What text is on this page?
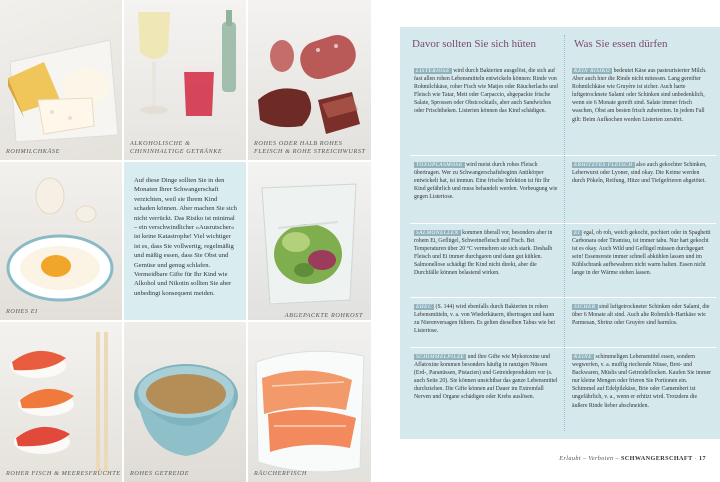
ROHMILCHKÄSE
ALKOHOLISCHE & CHININHALTIGE GETRÄNKE
ROHES ODER HALB ROHES FLEISCH & ROHE STREICHWURST
ROHES EI
Auf diese Dinge sollten Sie in den Monaten Ihrer Schwangerschaft verzichten, weil sie Ihrem Kind schaden können. Aber machen Sie sich nicht verrückt. Das Risiko ist minimal – ein verschwindlicher »Ausrutscher« ist keine Katastrophe! Viel wichtiger ist es, dass Sie vollwertig, regelmäßig und mäßig essen, dass Sie Obst und Gemüse und genug schlafen. Vermeidbare Gifte für Ihr Kind wie Alkohol und Nikotin sollten Sie aber unbedingt konsequent meiden.
ABGEPACKTE ROHKOST
ROHER FISCH & MEERESFRÜCHTE ROHES GETREIDE	RÄUCHERFISCH
Davor sollten Sie sich hüten	Was Sie essen dürfen
LISTERIOSE wird durch Bakterien ausgelöst, die sich auf fast allen rohen Lebensmitteln entwickeln können: Rinde von Rohmilchkäse, roher Fisch wie Matjes oder Räucherlachs und Fleisch wie Tatar, Mett oder Carpaccio, abgepackte frische Salate, Sprossen oder Obstcocktails, aber auch Sandwiches oder Frischtheken. Listerien können das Kind schädigen.
TOXOPLASMOSE wird meist durch rohes Fleisch übertragen. Wer zu Schwangerschaftsbeginn Antikörper entwickelt hat, ist immun. Eine frische Infektion ist für Ihr Kind gefährlich und muss behandelt werden. Vorbeugung wie gegen Listeriose.
SALMONELLEN kommen überall vor, besonders aber in rohem Ei, Geflügel, Schweinefleisch und Fisch. Bei Temperaturen über 20 °C vermehren sie sich stark. Deshalb Fleisch und Ei immer durchgaren und dann gut kühlen. Salmonellose schädigt Ihr Kind nicht direkt, aber die Durchfälle können belastend wirken.
EHEC (S. 144) wird ebenfalls durch Bakterien in rohen Lebensmitteln, v. a. von Wiederkäuern, übertragen und kann zu Nierenversagen führen. Es gelten dieselben Tabus wie bei Listeriose.
SCHIMMELPILZE und ihre Gifte wie Mykotoxine und Aflatoxine kommen besonders häufig in ranzigen Nüssen (Erd-, Paranüssen, Pistazien) und Getreideprodukten vor (s. auch Seite 20). Sie können unsichtbar das ganze Lebensmittel durchziehen. Die Gifte können auf Dauer im Extremfall Nerven und Organe schädigen oder Krebs auslösen.
KEIN RISIKO bedeutet Käse aus pasteurisierter Milch. Aber auch hier die Rinde nicht mitessen. Lang gereifter Rohmilchkäse wie Gruyère ist sicher. Auch harte luftgetrocknete Salami oder Schinken sind unbedenklich, wenn sie 6 Monate gereift sind. Salate immer frisch waschen, Obst am besten frisch zubereiten. In jedem Fall gilt: Beim Aufkochen werden Listerien zerstört.
ERHITZTES FLEISCH also auch gekochter Schinken, Leberwurst oder Lyoner, sind okay. Die Keime werden durch Pökeln, Reifung, Hitze und Tiefgefrieren abgetötet.
EI egal, ob roh, weich gekocht, pochiert oder in Spaghetti Carbonara oder Tiramisu, ist immer tabu. Nur hart gekocht ist es okay. Auch Wild und Geflügel müssen durchgegart sein! Essensreste immer schnell abkühlen lassen und im Kühlschrank aufbewahren nicht warm halten. Essen nicht lange in der Wärme stehen lassen.
SICHER sind luftgetrockneter Schinken oder Salami, die über 6 Monate alt sind. Auch alte Rohmilch-Hartkäse wie Parmesan, Sbrinz oder Gruyère sind harmlos.
KEINE schimmeligen Lebensmittel essen, sondern wegwerfen, v. a. muffig riechende Nüsse, Brot- und Backwaren, Müslis und Getreideflocken. Kaufen Sie immer nur kleine Mengen oder frieren Sie Portionen ein. Schimmel auf Edelpilzkäse, Brie oder Camembert ist ungefährlich, v. a., wenn er erhitzt wird. Trotzdem die äußere Rinde lieber abschneiden.
Erlaubt – Verboten – SCHWANGERSCHAFT · 17
